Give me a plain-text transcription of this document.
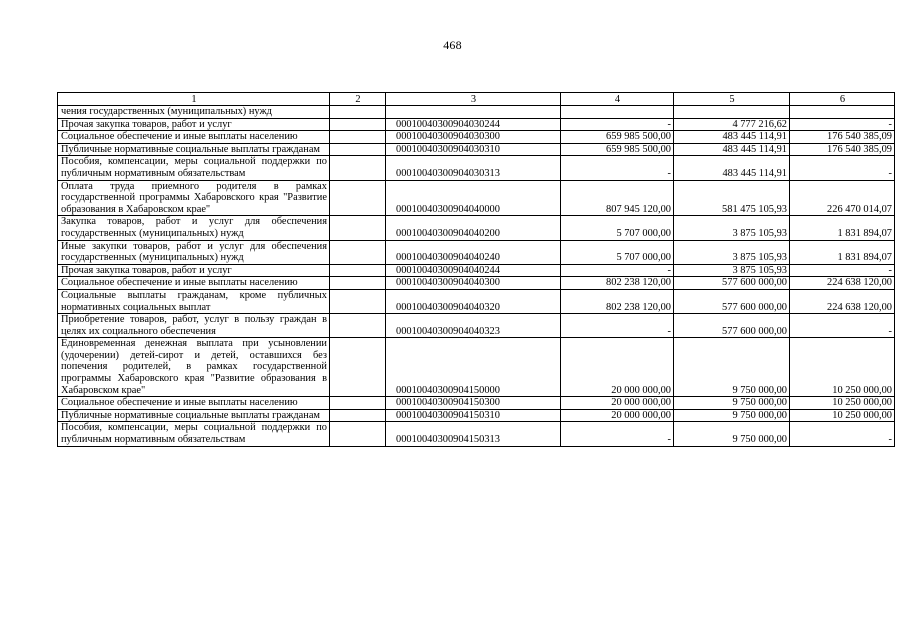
468
1	2	3	4	5	6
чения государственных (муниципальных) нужд					
Прочая закупка товаров, работ и услуг		00010040300904030244	-	4 777 216,62	-
Социальное обеспечение и иные выплаты населению		00010040300904030300	659 985 500,00	483 445 114,91	176 540 385,09
Публичные нормативные социальные выплаты гражданам		00010040300904030310	659 985 500,00	483 445 114,91	176 540 385,09
Пособия, компенсации, меры социальной поддержки по публичным нормативным обязательствам		00010040300904030313	-	483 445 114,91	-
Оплата труда приемного родителя в рамках государственной программы Хабаровского края "Развитие образования в Хабаровском крае"		00010040300904040000	807 945 120,00	581 475 105,93	226 470 014,07
Закупка товаров, работ и услуг для обеспечения государственных (муниципальных) нужд		00010040300904040200	5 707 000,00	3 875 105,93	1 831 894,07
Иные закупки товаров, работ и услуг для обеспечения государственных (муниципальных) нужд		00010040300904040240	5 707 000,00	3 875 105,93	1 831 894,07
Прочая закупка товаров, работ и услуг		00010040300904040244	-	3 875 105,93	-
Социальное обеспечение и иные выплаты населению		00010040300904040300	802 238 120,00	577 600 000,00	224 638 120,00
Социальные выплаты гражданам, кроме публичных нормативных социальных выплат		00010040300904040320	802 238 120,00	577 600 000,00	224 638 120,00
Приобретение товаров, работ, услуг в пользу граждан в целях их социального обеспечения		00010040300904040323	-	577 600 000,00	-
Единовременная денежная выплата при усыновлении (удочерении) детей-сирот и детей, оставшихся без попечения родителей, в рамках государственной программы Хабаровского края "Развитие образования в Хабаровском крае"		00010040300904150000	20 000 000,00	9 750 000,00	10 250 000,00
Социальное обеспечение и иные выплаты населению		00010040300904150300	20 000 000,00	9 750 000,00	10 250 000,00
Публичные нормативные социальные выплаты гражданам		00010040300904150310	20 000 000,00	9 750 000,00	10 250 000,00
Пособия, компенсации, меры социальной поддержки по публичным нормативным обязательствам		00010040300904150313	-	9 750 000,00	-
